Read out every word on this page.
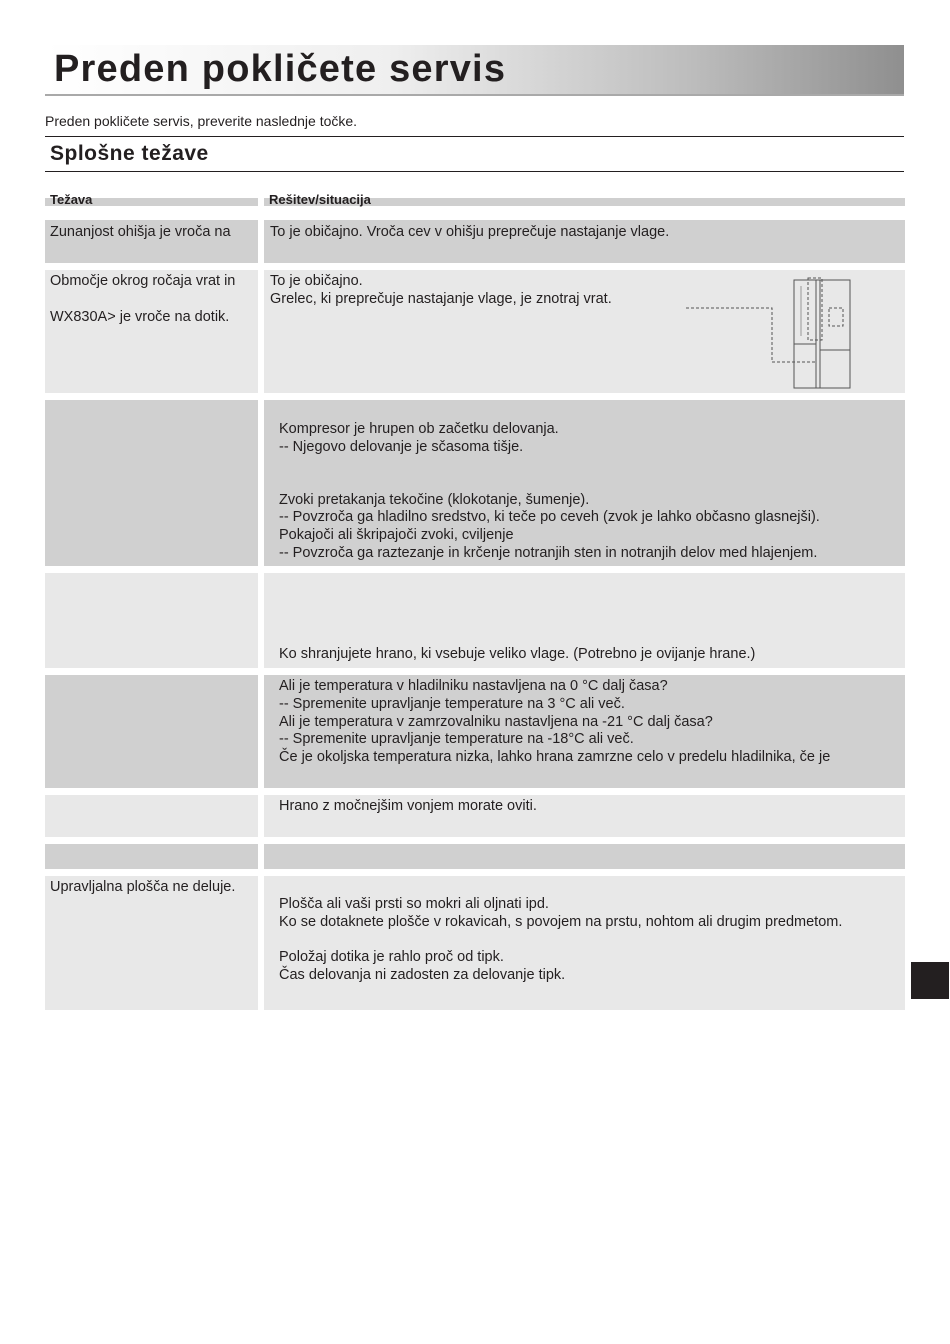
Preden pokličete servis
Preden pokličete servis, preverite naslednje točke.
Splošne težave
Težava	Rešitev/situacija
Zunanjost ohišja je vroča na	To je običajno. Vroča cev v ohišju preprečuje nastajanje vlage.
Območje okrog ročaja vrat in
WX830A> je vroče na dotik.
To je običajno.
Grelec, ki preprečuje nastajanje vlage, je znotraj vrat.
Kompresor je hrupen ob začetku delovanja.
-- Njegovo delovanje je sčasoma tišje.
Zvoki pretakanja tekočine (klokotanje, šumenje).
-- Povzroča ga hladilno sredstvo, ki teče po ceveh (zvok je lahko občasno glasnejši).
Pokajoči ali škripajoči zvoki, cviljenje
-- Povzroča ga raztezanje in krčenje notranjih sten in notranjih delov med hlajenjem.
Ko shranjujete hrano, ki vsebuje veliko vlage. (Potrebno je ovijanje hrane.)
Ali je temperatura v hladilniku nastavljena na 0 °C dalj časa?
-- Spremenite upravljanje temperature na 3 °C ali več.
Ali je temperatura v zamrzovalniku nastavljena na -21 °C dalj časa?
-- Spremenite upravljanje temperature na -18°C ali več.
Če je okoljska temperatura nizka, lahko hrana zamrzne celo v predelu hladilnika, če je
Hrano z močnejšim vonjem morate oviti.
Upravljalna plošča ne deluje.
Plošča ali vaši prsti so mokri ali oljnati ipd.
Ko se dotaknete plošče v rokavicah, s povojem na prstu, nohtom ali drugim predmetom.
Položaj dotika je rahlo proč od tipk.
Čas delovanja ni zadosten za delovanje tipk.
